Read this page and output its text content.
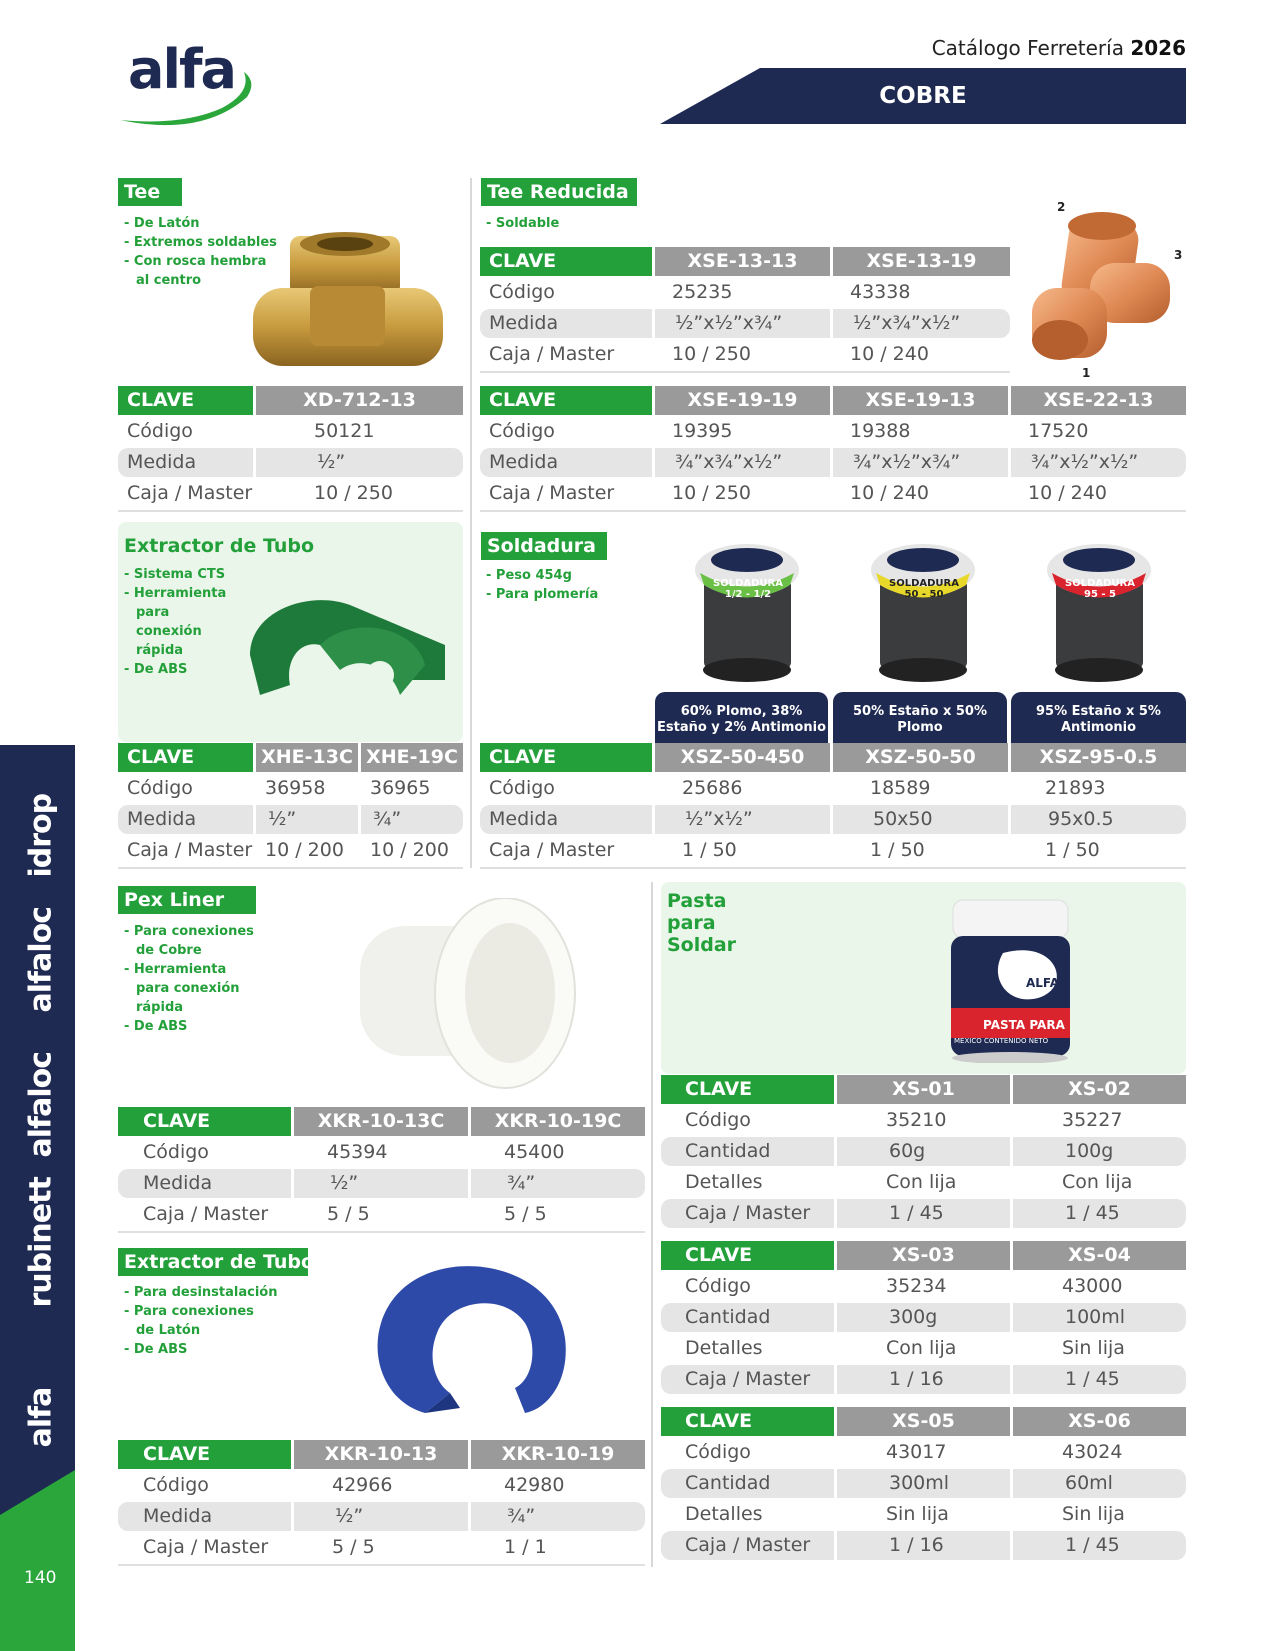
alfa	Catálogo Ferretería 2026
COBRE
idrop
alfaloc
alfaloc
rubinett
alfa
140
Tee
- De Latón
- Extremos soldables
- Con rosca hembra al centro
CLAVE	XD-712-13
Código	50121
Medida	½”
Caja / Master	10 / 250
Tee Reducida
- Soldable
2
3
1
CLAVE	XSE-13-13	XSE-13-19
Código	25235	43338
Medida	½”x½”x¾”	½”x¾”x½”
Caja / Master	10 / 250	10 / 240
CLAVE	XSE-19-19	XSE-19-13	XSE-22-13
Código	19395	19388	17520
Medida	¾”x¾”x½”	¾”x½”x¾”	¾”x½”x½”
Caja / Master	10 / 250	10 / 240	10 / 240
Extractor de Tubo
- Sistema CTS
- Herramienta para conexión rápida
- De ABS
CLAVE	XHE-13C XHE-19C
Código	36958	36965
Medida	½”	¾”
Caja / Master 10 / 200	10 / 200
Soldadura
- Peso 454g
- Para plomería
SOLDADURA 1/2 - 1/2
SOLDADURA 50 - 50
SOLDADURA 95 - 5
60% Plomo, 38% Estaño y 2% Antimonio
50% Estaño x 50% Plomo
95% Estaño x 5% Antimonio
CLAVE	XSZ-50-450	XSZ-50-50	XSZ-95-0.5
Código	25686	18589	21893
Medida	½”x½”	50x50	95x0.5
Caja / Master	1 / 50	1 / 50	1 / 50
Pex Liner
- Para conexiones de Cobre
- Herramienta para conexión rápida
- De ABS
CLAVE	XKR-10-13C	XKR-10-19C
Código	45394	45400
Medida	½”	¾”
Caja / Master	5 / 5	5 / 5
Extractor de Tubo
- Para desinstalación
- Para conexiones de Latón
- De ABS
CLAVE	XKR-10-13	XKR-10-19
Código	42966	42980
Medida	½”	¾”
Caja / Master	5 / 5	1 / 1
Pasta para Soldar
ALFA
PASTA PARA
MEXICO CONTENIDO NETO
CLAVE	XS-01	XS-02
Código	35210	35227
Cantidad	60g	100g
Detalles	Con lija	Con lija
Caja / Master	1 / 45	1 / 45
CLAVE	XS-03	XS-04
Código	35234	43000
Cantidad	300g	100ml
Detalles	Con lija	Sin lija
Caja / Master	1 / 16	1 / 45
CLAVE	XS-05	XS-06
Código	43017	43024
Cantidad	300ml	60ml
Detalles	Sin lija	Sin lija
Caja / Master	1 / 16	1 / 45
